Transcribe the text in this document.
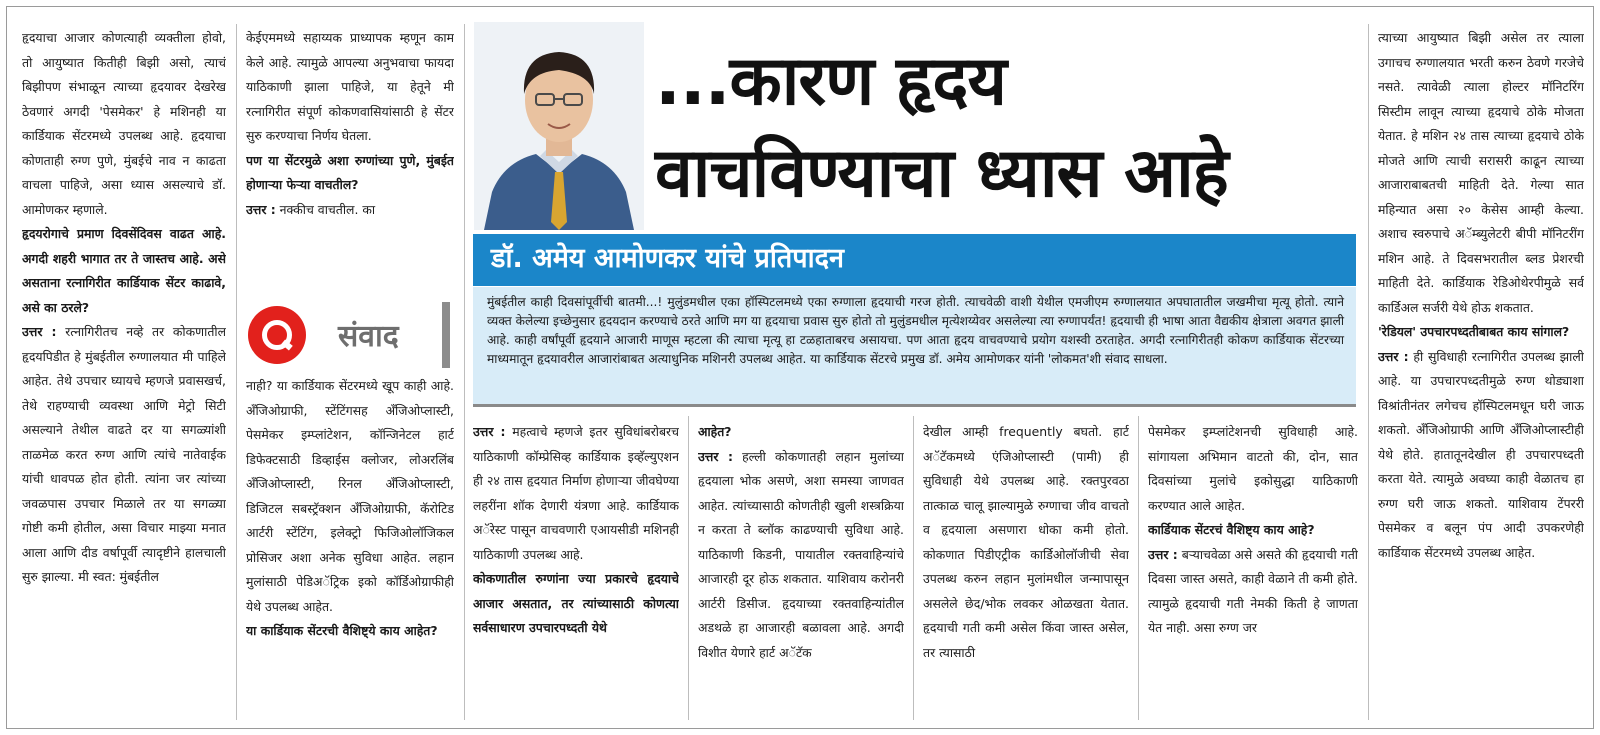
हृदयाचा आजार कोणत्याही व्यक्तीला होवो, तो आयुष्यात कितीही बिझी असो, त्याचं बिझीपण संभाळून त्याच्या हृदयावर देखरेख ठेवणारं अगदी 'पेसमेकर' हे मशिनही या कार्डियाक सेंटरमध्ये उपलब्ध आहे. हृदयाचा कोणताही रुग्ण पुणे, मुंबईचे नाव न काढता वाचला पाहिजे, असा ध्यास असल्याचे डॉ. आमोणकर म्हणाले.

हृदयरोगाचे प्रमाण दिवसेंदिवस वाढत आहे. अगदी शहरी भागात तर ते जास्तच आहे. असे असताना रत्नागिरीत कार्डियाक सेंटर काढावे, असे का ठरले?

उत्तर : रत्नागिरीतच नव्हे तर कोकणातील हृदयपिडीत हे मुंबईतील रुग्णालयात मी पाहिले आहेत. तेथे उपचार घ्यायचे म्हणजे प्रवासखर्च, तेथे राहण्याची व्यवस्था आणि मेट्रो सिटी असल्याने तेथील वाढते दर या सगळ्यांशी ताळमेळ करत रुग्ण आणि त्यांचे नातेवाईक यांची धावपळ होत होती. त्यांना जर त्यांच्या जवळपास उपचार मिळाले तर या सगळ्या गोष्टी कमी होतील, असा विचार माझ्या मनात आला आणि दीड वर्षापूर्वी त्यादृष्टीने हालचाली सुरु झाल्या. मी स्वत: मुंबईतील

केईएममध्ये सहाय्यक प्राध्यापक म्हणून काम केले आहे. त्यामुळे आपल्या अनुभवाचा फायदा याठिकाणी झाला पाहिजे, या हेतूने मी रत्नागिरीत संपूर्ण कोकणवासियांसाठी हे सेंटर सुरु करण्याचा निर्णय घेतला.

पण या सेंटरमुळे अशा रुग्णांच्या पुणे, मुंबईत होणाऱ्या फेऱ्या वाचतील?

उत्तर : नक्कीच वाचतील. का

संवाद

नाही? या कार्डियाक सेंटरमध्ये खूप काही आहे. अँजिओग्राफी, स्टेंटिंगसह अँजिओप्लास्टी, पेसमेकर इम्प्लांटेशन, कॉन्जिनेटल हार्ट डिफेक्टसाठी डिव्हाईस क्लोजर, लोअरलिंब अँजिओप्लास्टी, रिनल अँजिओप्लास्टी, डिजिटल सबस्ट्रॅक्शन अँजिओग्राफी, कॅरोटिड आर्टरी स्टेंटिंग, इलेक्ट्रो फिजिओलॉजिकल प्रोसिजर अशा अनेक सुविधा आहेत. लहान मुलांसाठी पेडिअॅट्रिक इको कॉर्डिओग्राफीही येथे उपलब्ध आहेत.

या कार्डियाक सेंटरची वैशिष्ट्ये काय आहेत?

...कारण हृदय
वाचविण्याचा ध्यास आहे
डॉ. अमेय आमोणकर यांचे प्रतिपादन
मुंबईतील काही दिवसांपूर्वीची बातमी...! मुलुंडमधील एका हॉस्पिटलमध्ये एका रुग्णाला हृदयाची गरज होती. त्याचवेळी वाशी येथील एमजीएम रुग्णालयात अपघातातील जखमीचा मृत्यू होतो. त्याने व्यक्त केलेल्या इच्छेनुसार हृदयदान करण्याचे ठरते आणि मग या हृदयाचा प्रवास सुरु होतो तो मुलुंडमधील मृत्येशय्येवर असलेल्या त्या रुग्णापर्यंत! हृदयाची ही भाषा आता वैद्यकीय क्षेत्राला अवगत झाली आहे. काही वर्षांपूर्वी हृदयाने आजारी माणूस म्हटला की त्याचा मृत्यू हा टळहाताबरच असायचा. पण आता हृदय वाचवण्याचे प्रयोग यशस्वी ठरताहेत. अगदी रत्नागिरीतही कोकण कार्डियाक सेंटरच्या माध्यमातून हृदयावरील आजारांबाबत अत्याधुनिक मशिनरी उपलब्ध आहेत. या कार्डियाक सेंटरचे प्रमुख डॉ. अमेय आमोणकर यांनी 'लोकमत'शी संवाद साधला.

उत्तर : महत्वाचे म्हणजे इतर सुविधांबरोबरच याठिकाणी कॉम्प्रेसिव्ह कार्डियाक इव्हॅल्युएशन ही २४ तास हृदयात निर्माण होणाऱ्या जीवघेण्या लहरींना शॉक देणारी यंत्रणा आहे. कार्डियाक अॅरेस्ट पासून वाचवणारी एआयसीडी मशिनही याठिकाणी उपलब्ध आहे.

कोकणातील रुग्णांना ज्या प्रकारचे हृदयाचे आजार असतात, तर त्यांच्यासाठी कोणत्या सर्वसाधारण उपचारपध्दती येथे

आहेत?

उत्तर : हल्ली कोकणातही लहान मुलांच्या हृदयाला भोक असणे, अशा समस्या जाणवत आहेत. त्यांच्यासाठी कोणतीही खुली शस्त्रक्रिया न करता ते ब्लॉक काढण्याची सुविधा आहे. याठिकाणी किडनी, पायातील रक्तवाहिन्यांचे आजारही दूर होऊ शकतात. याशिवाय करोनरी आर्टरी डिसीज. हृदयाच्या रक्तवाहिन्यांतील अडथळे हा आजारही बळावला आहे. अगदी विशीत येणारे हार्ट अॅटॅक

देखील आम्ही frequently बघतो. हार्ट अॅटॅकमध्ये एंजिओप्लास्टी (पामी) ही सुविधाही येथे उपलब्ध आहे. रक्तपुरवठा तात्काळ चालू झाल्यामुळे रुग्णाचा जीव वाचतो व हृदयाला असणारा धोका कमी होतो. कोकणात पिडीएट्रीक कार्डिओलॉजीची सेवा उपलब्ध करुन लहान मुलांमधील जन्मापासून असलेले छेद/भोक लवकर ओळखता येतात. हृदयाची गती कमी असेल किंवा जास्त असेल, तर त्यासाठी

पेसमेकर इम्प्लांटेशनची सुविधाही आहे. सांगायला अभिमान वाटतो की, दोन, सात दिवसांच्या मुलांचे इकोसुद्धा याठिकाणी करण्यात आले आहेत.

कार्डियाक सेंटरचं वैशिष्ट्य काय आहे?

उत्तर : बऱ्याचवेळा असे असते की हृदयाची गती दिवसा जास्त असते, काही वेळाने ती कमी होते. त्यामुळे हृदयाची गती नेमकी किती हे जाणता येत नाही. असा रुग्ण जर

त्याच्या आयुष्यात बिझी असेल तर त्याला उगाचच रुग्णालयात भरती करुन ठेवणे गरजेचे नसते. त्यावेळी त्याला होल्टर मॉनिटरिंग सिस्टीम लावून त्याच्या हृदयाचे ठोके मोजता येतात. हे मशिन २४ तास त्याच्या हृदयाचे ठोके मोजते आणि त्याची सरासरी काढून त्याच्या आजाराबाबतची माहिती देते. गेल्या सात महिन्यात असा २० केसेस आम्ही केल्या. अशाच स्वरुपाचे अॅम्ब्युलेटरी बीपी मॉनिटरींग मशिन आहे. ते दिवसभरातील ब्लड प्रेशरची माहिती देते. कार्डियाक रेडिओथेरपीमुळे सर्व कार्डिअल सर्जरी येथे होऊ शकतात.

'रेडियल' उपचारपध्दतीबाबत काय सांगाल?

उत्तर : ही सुविधाही रत्नागिरीत उपलब्ध झाली आहे. या उपचारपध्दतीमुळे रुग्ण थोड्याशा विश्रांतीनंतर लगेचच हॉस्पिटलमधून घरी जाऊ शकतो. अँजिओग्राफी आणि अँजिओप्लास्टीही येथे होते. हातातूनदेखील ही उपचारपध्दती करता येते. त्यामुळे अवघ्या काही वेळातच हा रुग्ण घरी जाऊ शकतो. याशिवाय टेंपररी पेसमेकर व बलून पंप आदी उपकरणेही कार्डियाक सेंटरमध्ये उपलब्ध आहेत.
